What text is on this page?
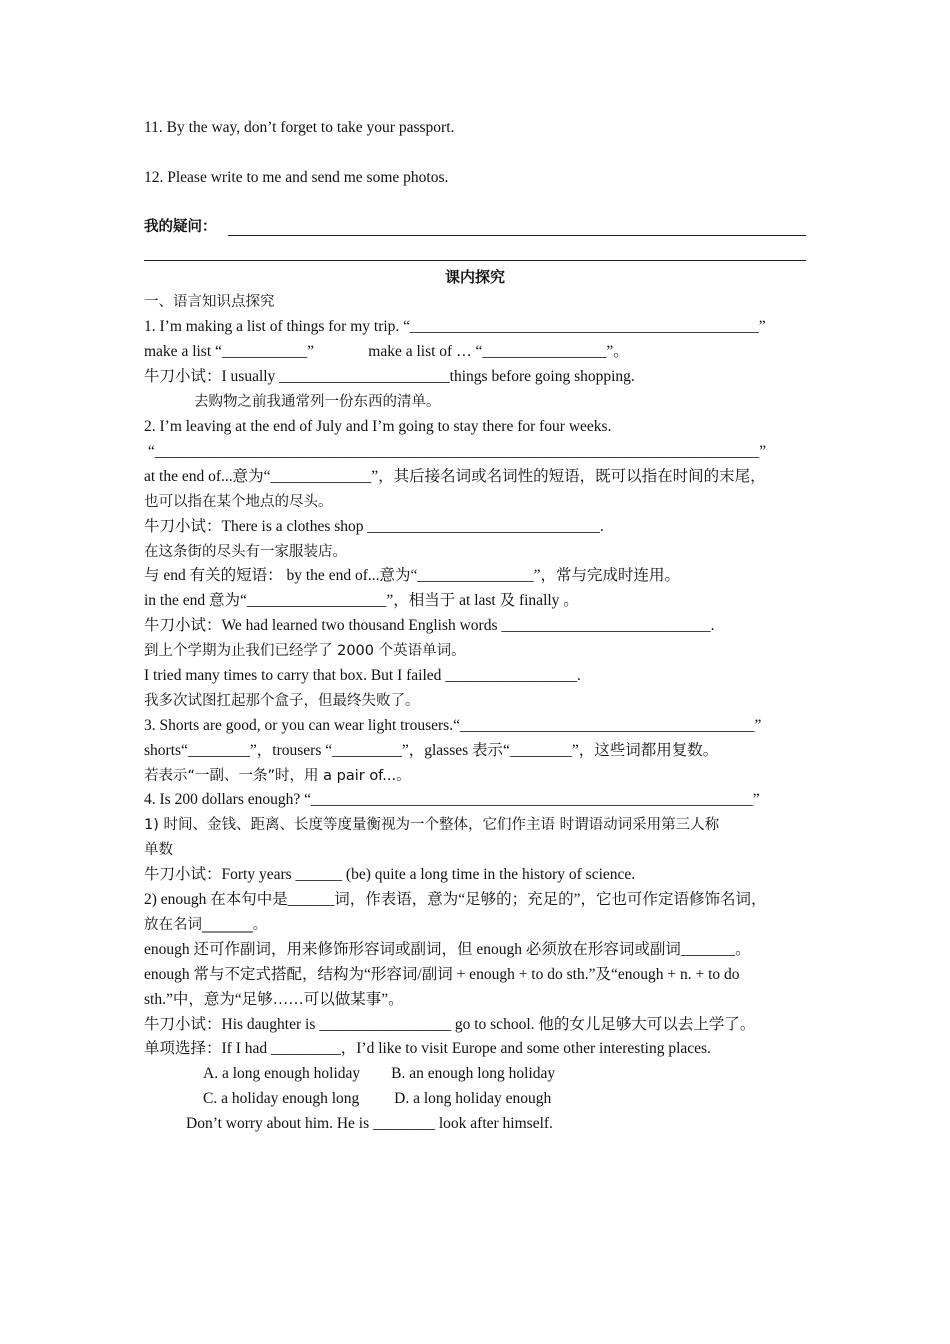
11. By the way, don’t forget to take your passport.
12. Please write to me and send me some photos.
我的疑问：
课内探究
一、语言知识点探究
1. I’m making a list of things for my trip. “_____________________________________________”
make a list “___________”              make a list of … “________________”。
牛刀小试：I usually ______________________things before going shopping.
去购物之前我通常列一份东西的清单。
2. I’m leaving at the end of July and I’m going to stay there for four weeks.
“______________________________________________________________________________”
at the end of...意为“_____________”，其后接名词或名词性的短语，既可以指在时间的末尾，
也可以指在某个地点的尽头。
牛刀小试：There is a clothes shop ______________________________.
在这条街的尽头有一家服装店。
与 end 有关的短语： by the end of...意为“_______________”，常与完成时连用。
in the end 意为“__________________”，相当于 at last 及 finally 。
牛刀小试：We had learned two thousand English words ___________________________.
到上个学期为止我们已经学了 2000 个英语单词。
I tried many times to carry that box. But I failed _________________.
我多次试图扛起那个盒子，但最终失败了。
3. Shorts are good, or you can wear light trousers.“______________________________________”
shorts“________”，trousers “_________”，glasses 表示“________”，这些词都用复数。
若表示“一副、一条”时，用 a pair of...。
4. Is 200 dollars enough? “_________________________________________________________”
1) 时间、金钱、距离、长度等度量衡视为一个整体，它们作主语 时谓语动词采用第三人称
单数
牛刀小试：Forty years ______ (be) quite a long time in the history of science.
2) enough 在本句中是______词，作表语，意为“足够的；充足的”，它也可作定语修饰名词，
放在名词_______。
enough 还可作副词，用来修饰形容词或副词，但 enough 必须放在形容词或副词_______。
enough 常与不定式搭配，结构为“形容词/副词 + enough + to do sth.”及“enough + n. + to do
sth.”中，意为“足够……可以做某事”。
牛刀小试：His daughter is _________________ go to school. 他的女儿足够大可以去上学了。
单项选择：If I had _________，I’d like to visit Europe and some other interesting places.
A. a long enough holiday        B. an enough long holiday
C. a holiday enough long         D. a long holiday enough
Don’t worry about him. He is ________ look after himself.
